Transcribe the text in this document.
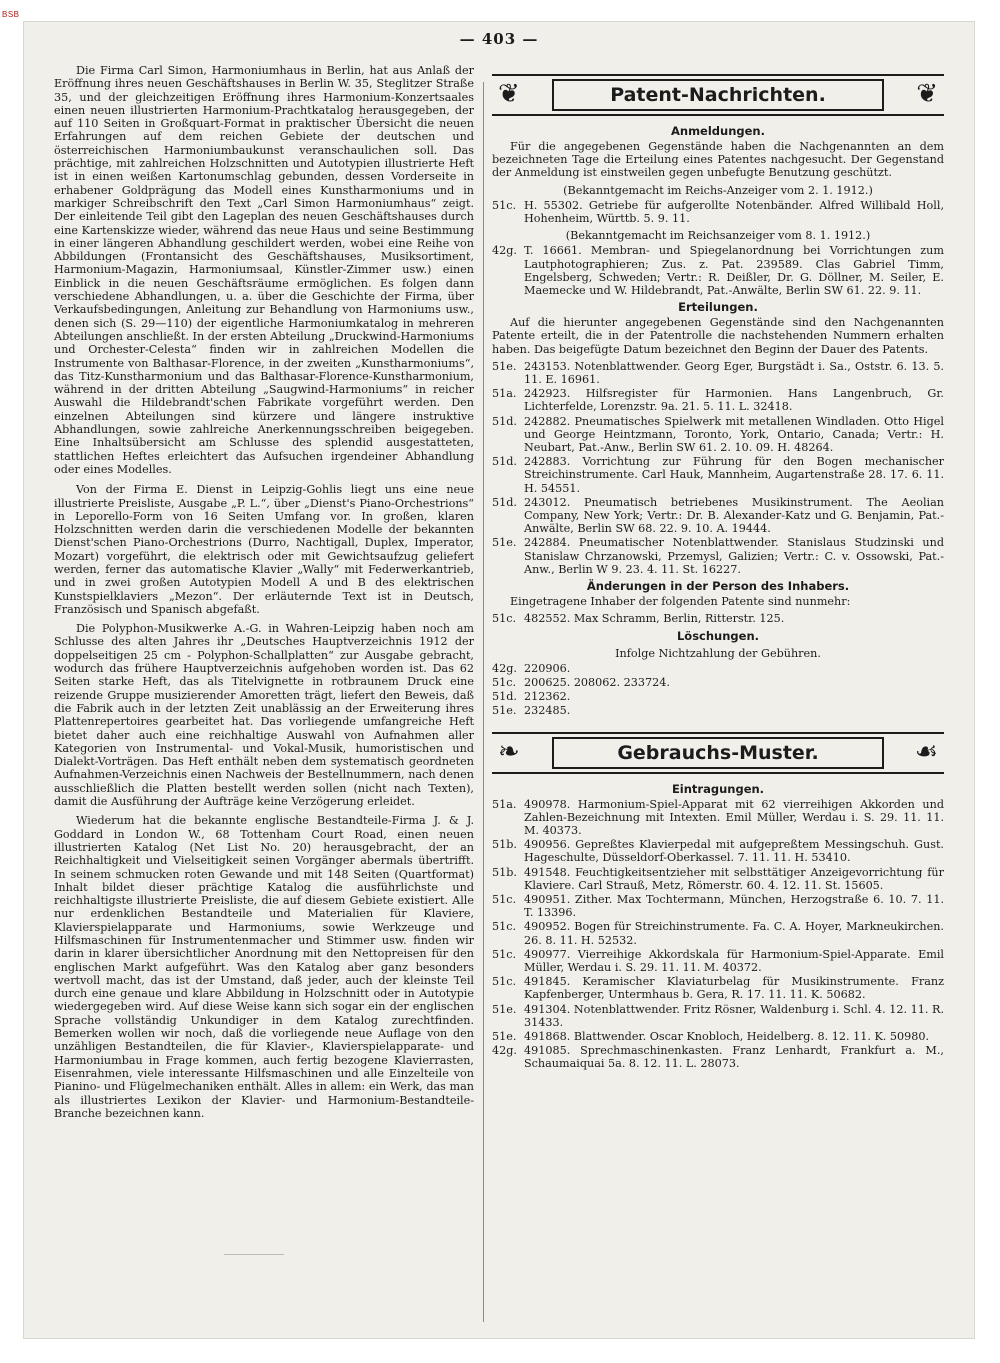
BSB
— 403 —

Die Firma Carl Simon, Harmoniumhaus in Berlin, hat aus Anlaß der Eröffnung ihres neuen Geschäftshauses in Berlin W. 35, Steglitzer Straße 35, und der gleichzeitigen Eröffnung ihres Harmonium-Konzertsaales einen neuen illustrierten Harmonium-Prachtkatalog herausgegeben, der auf 110 Seiten in Großquart-Format in praktischer Übersicht die neuen Erfahrungen auf dem reichen Gebiete der deutschen und österreichischen Harmoniumbaukunst veranschaulichen soll. Das prächtige, mit zahlreichen Holzschnitten und Autotypien illustrierte Heft ist in einen weißen Kartonumschlag gebunden, dessen Vorderseite in erhabener Goldprägung das Modell eines Kunstharmoniums und in markiger Schreibschrift den Text „Carl Simon Harmoniumhaus“ zeigt. Der einleitende Teil gibt den Lageplan des neuen Geschäftshauses durch eine Kartenskizze wieder, während das neue Haus und seine Bestimmung in einer längeren Abhandlung geschildert werden, wobei eine Reihe von Abbildungen (Frontansicht des Geschäftshauses, Musiksortiment, Harmonium-Magazin, Harmoniumsaal, Künstler-Zimmer usw.) einen Einblick in die neuen Geschäftsräume ermöglichen. Es folgen dann verschiedene Abhandlungen, u. a. über die Geschichte der Firma, über Verkaufsbedingungen, Anleitung zur Behandlung von Harmoniums usw., denen sich (S. 29—110) der eigentliche Harmoniumkatalog in mehreren Abteilungen anschließt. In der ersten Abteilung „Druckwind-Harmoniums und Orchester-Celesta“ finden wir in zahlreichen Modellen die Instrumente von Balthasar-Florence, in der zweiten „Kunstharmoniums“, das Titz-Kunstharmonium und das Balthasar-Florence-Kunstharmonium, während in der dritten Abteilung „Saugwind-Harmoniums“ in reicher Auswahl die Hildebrandt'schen Fabrikate vorgeführt werden. Den einzelnen Abteilungen sind kürzere und längere instruktive Abhandlungen, sowie zahlreiche Anerkennungsschreiben beigegeben. Eine Inhaltsübersicht am Schlusse des splendid ausgestatteten, stattlichen Heftes erleichtert das Aufsuchen irgendeiner Abhandlung oder eines Modelles.

Von der Firma E. Dienst in Leipzig-Gohlis liegt uns eine neue illustrierte Preisliste, Ausgabe „P. L.“, über „Dienst's Piano-Orchestrions“ in Leporello-Form von 16 Seiten Umfang vor. In großen, klaren Holzschnitten werden darin die verschiedenen Modelle der bekannten Dienst'schen Piano-Orchestrions (Durro, Nachtigall, Duplex, Imperator, Mozart) vorgeführt, die elektrisch oder mit Gewichtsaufzug geliefert werden, ferner das automatische Klavier „Wally“ mit Federwerkantrieb, und in zwei großen Autotypien Modell A und B des elektrischen Kunstspielklaviers „Mezon“. Der erläuternde Text ist in Deutsch, Französisch und Spanisch abgefaßt.

Die Polyphon-Musikwerke A.-G. in Wahren-Leipzig haben noch am Schlusse des alten Jahres ihr „Deutsches Hauptverzeichnis 1912 der doppelseitigen 25 cm - Polyphon-Schallplatten“ zur Ausgabe gebracht, wodurch das frühere Hauptverzeichnis aufgehoben worden ist. Das 62 Seiten starke Heft, das als Titelvignette in rotbraunem Druck eine reizende Gruppe musizierender Amoretten trägt, liefert den Beweis, daß die Fabrik auch in der letzten Zeit unablässig an der Erweiterung ihres Plattenrepertoires gearbeitet hat. Das vorliegende umfangreiche Heft bietet daher auch eine reichhaltige Auswahl von Aufnahmen aller Kategorien von Instrumental- und Vokal-Musik, humoristischen und Dialekt-Vorträgen. Das Heft enthält neben dem systematisch geordneten Aufnahmen-Verzeichnis einen Nachweis der Bestellnummern, nach denen ausschließlich die Platten bestellt werden sollen (nicht nach Texten), damit die Ausführung der Aufträge keine Verzögerung erleidet.

Wiederum hat die bekannte englische Bestandteile-Firma J. & J. Goddard in London W., 68 Tottenham Court Road, einen neuen illustrierten Katalog (Net List No. 20) herausgebracht, der an Reichhaltigkeit und Vielseitigkeit seinen Vorgänger abermals übertrifft. In seinem schmucken roten Gewande und mit 148 Seiten (Quartformat) Inhalt bildet dieser prächtige Katalog die ausführlichste und reichhaltigste illustrierte Preisliste, die auf diesem Gebiete existiert. Alle nur erdenklichen Bestandteile und Materialien für Klaviere, Klavierspielapparate und Harmoniums, sowie Werkzeuge und Hilfsmaschinen für Instrumentenmacher und Stimmer usw. finden wir darin in klarer übersichtlicher Anordnung mit den Nettopreisen für den englischen Markt aufgeführt. Was den Katalog aber ganz besonders wertvoll macht, das ist der Umstand, daß jeder, auch der kleinste Teil durch eine genaue und klare Abbildung in Holzschnitt oder in Autotypie wiedergegeben wird. Auf diese Weise kann sich sogar ein der englischen Sprache vollständig Unkundiger in dem Katalog zurechtfinden. Bemerken wollen wir noch, daß die vorliegende neue Auflage von den unzähligen Bestandteilen, die für Klavier-, Klavierspielapparate- und Harmoniumbau in Frage kommen, auch fertig bezogene Klavierrasten, Eisenrahmen, viele interessante Hilfsmaschinen und alle Einzelteile von Pianino- und Flügelmechaniken enthält. Alles in allem: ein Werk, das man als illustriertes Lexikon der Klavier- und Harmonium-Bestandteile-Branche bezeichnen kann.

❦	Patent-Nachrichten.	❦
Anmeldungen.

Für die angegebenen Gegenstände haben die Nachgenannten an dem bezeichneten Tage die Erteilung eines Patentes nachgesucht. Der Gegenstand der Anmeldung ist einstweilen gegen unbefugte Benutzung geschützt.

(Bekanntgemacht im Reichs-Anzeiger vom 2. 1. 1912.)
51c. H. 55302. Getriebe für aufgerollte Notenbänder. Alfred Willibald Holl, Hohenheim, Württb. 5. 9. 11.
(Bekanntgemacht im Reichsanzeiger vom 8. 1. 1912.)
42g. T. 16661. Membran- und Spiegelanordnung bei Vorrichtungen zum Lautphotographieren; Zus. z. Pat. 239589. Clas Gabriel Timm, Engelsberg, Schweden; Vertr.: R. Deißler, Dr. G. Döllner, M. Seiler, E. Maemecke und W. Hildebrandt, Pat.-Anwälte, Berlin SW 61. 22. 9. 11.
Erteilungen.

Auf die hierunter angegebenen Gegenstände sind den Nachgenannten Patente erteilt, die in der Patentrolle die nachstehenden Nummern erhalten haben. Das beigefügte Datum bezeichnet den Beginn der Dauer des Patents.

51e. 243153. Notenblattwender. Georg Eger, Burgstädt i. Sa., Oststr. 6. 13. 5. 11. E. 16961.
51a. 242923. Hilfsregister für Harmonien. Hans Langenbruch, Gr. Lichterfelde, Lorenzstr. 9a. 21. 5. 11. L. 32418.
51d. 242882. Pneumatisches Spielwerk mit metallenen Windladen. Otto Higel und George Heintzmann, Toronto, York, Ontario, Canada; Vertr.: H. Neubart, Pat.-Anw., Berlin SW 61. 2. 10. 09. H. 48264.
51d. 242883. Vorrichtung zur Führung für den Bogen mechanischer Streichinstrumente. Carl Hauk, Mannheim, Augartenstraße 28. 17. 6. 11. H. 54551.
51d. 243012. Pneumatisch betriebenes Musikinstrument. The Aeolian Company, New York; Vertr.: Dr. B. Alexander-Katz und G. Benjamin, Pat.-Anwälte, Berlin SW 68. 22. 9. 10. A. 19444.
51e. 242884. Pneumatischer Notenblattwender. Stanislaus Studzinski und Stanislaw Chrzanowski, Przemysl, Galizien; Vertr.: C. v. Ossowski, Pat.-Anw., Berlin W 9. 23. 4. 11. St. 16227.
Änderungen in der Person des Inhabers.

Eingetragene Inhaber der folgenden Patente sind nunmehr:

51c. 482552. Max Schramm, Berlin, Ritterstr. 125.
Löschungen.
Infolge Nichtzahlung der Gebühren.
42g. 220906.
51c. 200625. 208062. 233724.
51d. 212362.
51e. 232485.
❧	Gebrauchs-Muster.	☙
Eintragungen.
51a. 490978. Harmonium-Spiel-Apparat mit 62 vierreihigen Akkorden und Zahlen-Bezeichnung mit Intexten. Emil Müller, Werdau i. S. 29. 11. 11. M. 40373.
51b. 490956. Gepreßtes Klavierpedal mit aufgepreßtem Messingschuh. Gust. Hageschulte, Düsseldorf-Oberkassel. 7. 11. 11. H. 53410.
51b. 491548. Feuchtigkeitsentzieher mit selbsttätiger Anzeigevorrichtung für Klaviere. Carl Strauß, Metz, Römerstr. 60. 4. 12. 11. St. 15605.
51c. 490951. Zither. Max Tochtermann, München, Herzogstraße 6. 10. 7. 11. T. 13396.
51c. 490952. Bogen für Streichinstrumente. Fa. C. A. Hoyer, Markneukirchen. 26. 8. 11. H. 52532.
51c. 490977. Vierreihige Akkordskala für Harmonium-Spiel-Apparate. Emil Müller, Werdau i. S. 29. 11. 11. M. 40372.
51c. 491845. Keramischer Klaviaturbelag für Musikinstrumente. Franz Kapfenberger, Untermhaus b. Gera, R. 17. 11. 11. K. 50682.
51e. 491304. Notenblattwender. Fritz Rösner, Waldenburg i. Schl. 4. 12. 11. R. 31433.
51e. 491868. Blattwender. Oscar Knobloch, Heidelberg. 8. 12. 11. K. 50980.
42g. 491085. Sprechmaschinenkasten. Franz Lenhardt, Frankfurt a. M., Schaumaiquai 5a. 8. 12. 11. L. 28073.
